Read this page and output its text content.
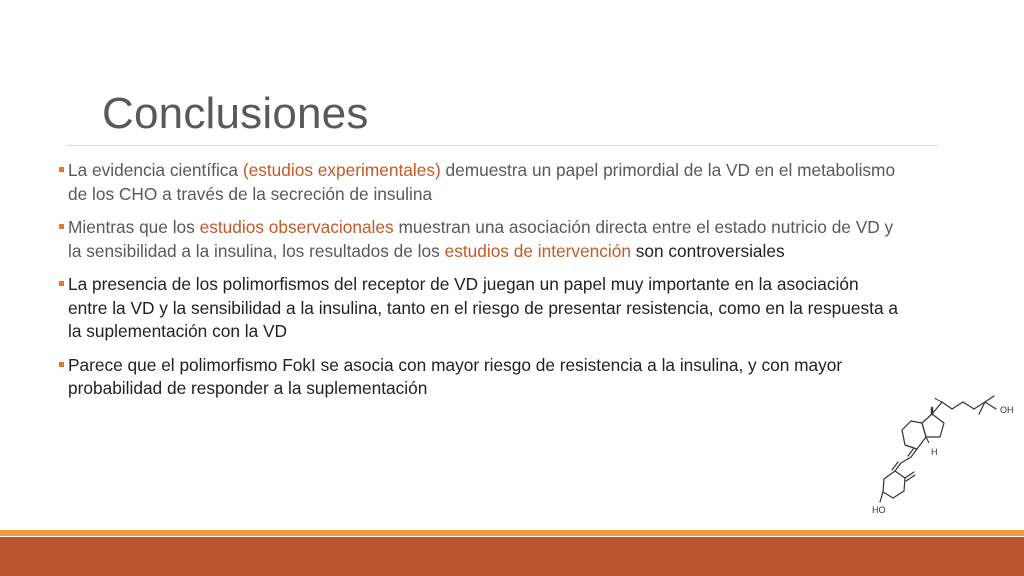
Conclusiones
La evidencia científica (estudios experimentales) demuestra un papel primordial de la VD en el metabolismo de los CHO a través de la secreción de insulina
Mientras que los estudios observacionales muestran una asociación directa entre el estado nutricio de VD y la sensibilidad a la insulina, los resultados de los estudios de intervención son controversiales
La presencia de los polimorfismos del receptor de VD juegan un papel muy importante en la asociación entre la VD y la sensibilidad a la insulina, tanto en el riesgo de presentar resistencia, como en la respuesta a la suplementación con la VD
Parece que el polimorfismo FokI se asocia con mayor riesgo de resistencia a la insulina, y con mayor probabilidad de responder a la suplementación
OH
H
HO
